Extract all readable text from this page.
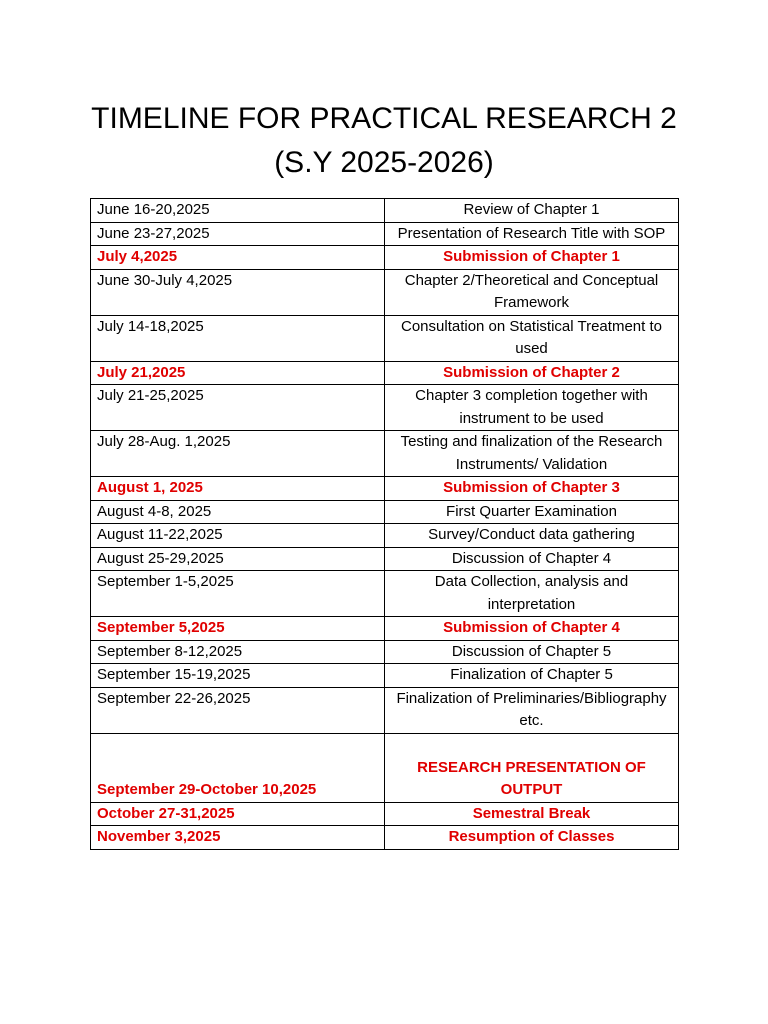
TIMELINE FOR PRACTICAL RESEARCH 2
(S.Y 2025-2026)
June 16-20,2025	Review of Chapter 1
June 23-27,2025	Presentation of Research Title with SOP
July 4,2025	Submission of Chapter 1
June 30-July 4,2025	Chapter 2/Theoretical and Conceptual Framework
July 14-18,2025	Consultation on Statistical Treatment to used
July 21,2025	Submission of Chapter 2
July 21-25,2025	Chapter 3 completion together with instrument to be used
July 28-Aug. 1,2025	Testing and finalization of the Research Instruments/ Validation
August 1, 2025	Submission of Chapter 3
August 4-8, 2025	First Quarter Examination
August 11-22,2025	Survey/Conduct data gathering
August 25-29,2025	Discussion of Chapter 4
September 1-5,2025	Data Collection, analysis and interpretation
September 5,2025	Submission of Chapter 4
September 8-12,2025	Discussion of Chapter 5
September 15-19,2025	Finalization of Chapter 5
September 22-26,2025	Finalization of Preliminaries/Bibliography etc.
September 29-October 10,2025	RESEARCH PRESENTATION OF OUTPUT
October 27-31,2025	Semestral Break
November 3,2025	Resumption of Classes
